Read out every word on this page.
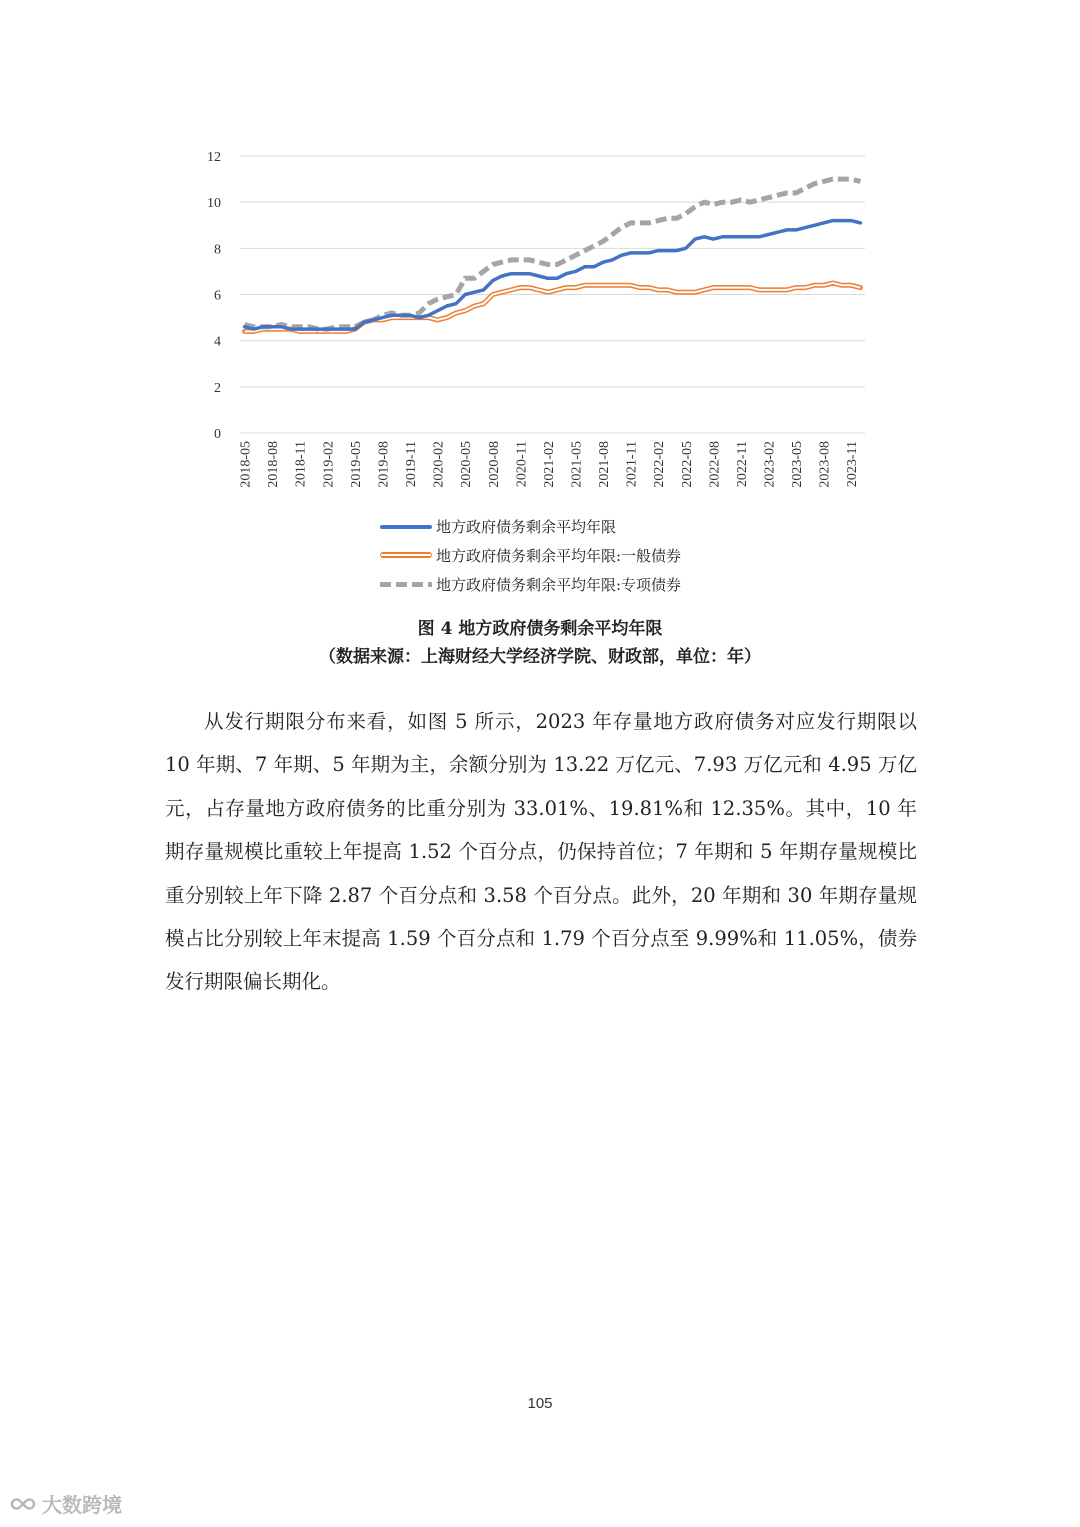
0
2
4
6
8
10
12
2018-05 2018-08 2018-11 2019-02 2019-05 2019-08 2019-11 2020-02 2020-05 2020-08 2020-11 2021-02 2021-05 2021-08 2021-11 2022-02 2022-05 2022-08 2022-11 2023-02 2023-05 2023-08 2023-11
地方政府债务剩余平均年限
地方政府债务剩余平均年限:一般债券
地方政府债务剩余平均年限:专项债券
图 4 地方政府债务剩余平均年限
（数据来源：上海财经大学经济学院、财政部，单位：年）

从发行期限分布来看，如图 5 所示，2023 年存量地方政府债务对应发行期限以 10 年期、7 年期、5 年期为主，余额分别为 13.22 万亿元、7.93 万亿元和 4.95 万亿元，占存量地方政府债务的比重分别为 33.01%、19.81%和 12.35%。其中，10 年期存量规模比重较上年提高 1.52 个百分点，仍保持首位；7 年期和 5 年期存量规模比重分别较上年下降 2.87 个百分点和 3.58 个百分点。此外，20 年期和 30 年期存量规模占比分别较上年末提高 1.59 个百分点和 1.79 个百分点至 9.99%和 11.05%，债券发行期限偏长期化。

105
大数跨境
